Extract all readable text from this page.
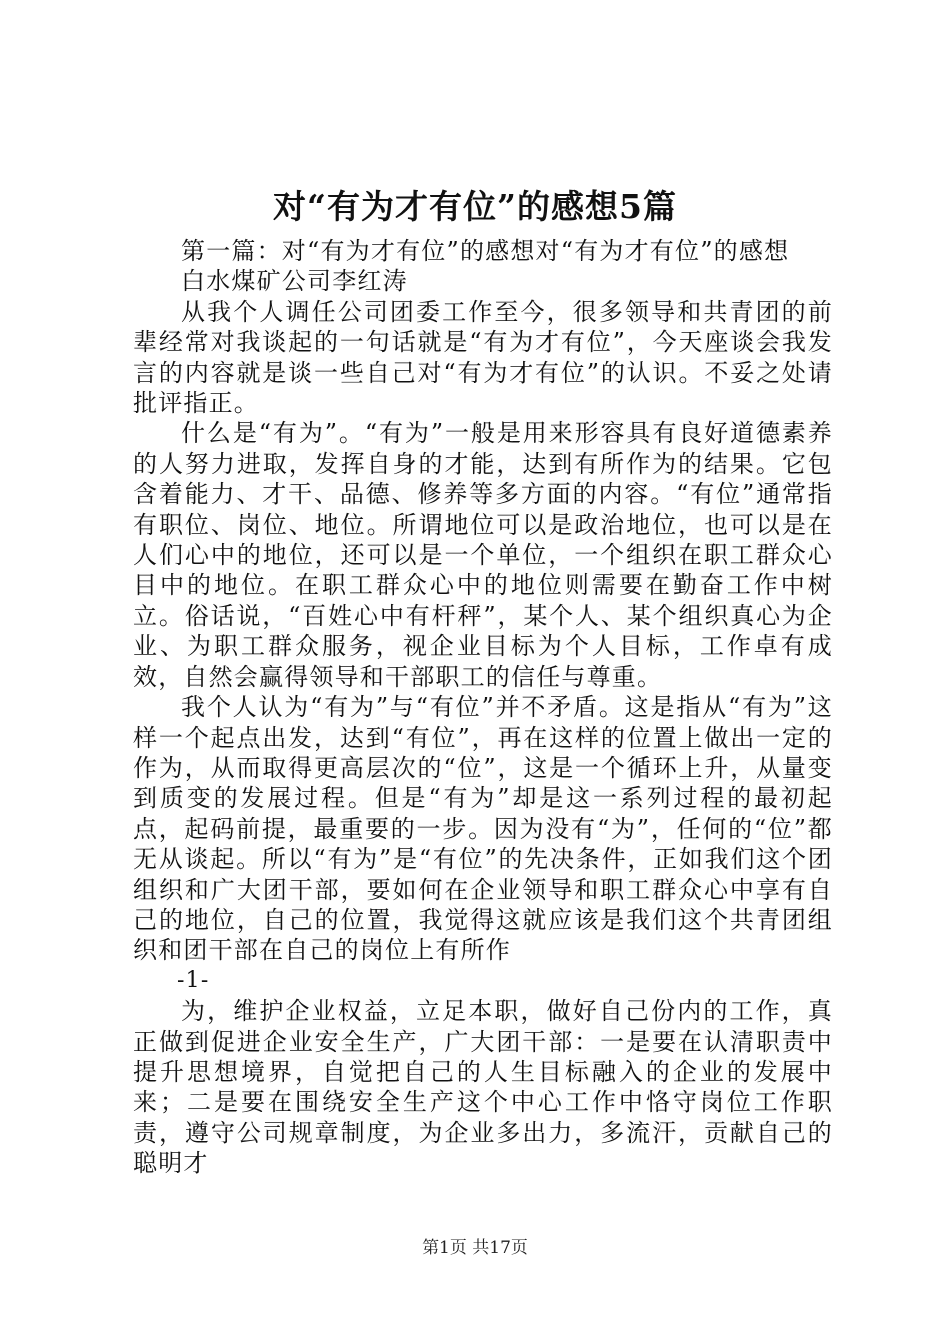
对“有为才有位”的感想5篇

第一篇：对“有为才有位”的感想对“有为才有位”的感想

白水煤矿公司李红涛

从我个人调任公司团委工作至今，很多领导和共青团的前辈经常对我谈起的一句话就是“有为才有位”，今天座谈会我发言的内容就是谈一些自己对“有为才有位”的认识。不妥之处请批评指正。

什么是“有为”。“有为”一般是用来形容具有良好道德素养的人努力进取，发挥自身的才能，达到有所作为的结果。它包含着能力、才干、品德、修养等多方面的内容。“有位”通常指有职位、岗位、地位。所谓地位可以是政治地位，也可以是在人们心中的地位，还可以是一个单位，一个组织在职工群众心目中的地位。在职工群众心中的地位则需要在勤奋工作中树立。俗话说，“百姓心中有杆秤”，某个人、某个组织真心为企业、为职工群众服务，视企业目标为个人目标，工作卓有成效，自然会赢得领导和干部职工的信任与尊重。

我个人认为“有为”与“有位”并不矛盾。这是指从“有为”这样一个起点出发，达到“有位”，再在这样的位置上做出一定的作为，从而取得更高层次的“位”，这是一个循环上升，从量变到质变的发展过程。但是“有为”却是这一系列过程的最初起点，起码前提，最重要的一步。因为没有“为”，任何的“位”都无从谈起。所以“有为”是“有位”的先决条件，正如我们这个团组织和广大团干部，要如何在企业领导和职工群众心中享有自己的地位，自己的位置，我觉得这就应该是我们这个共青团组织和团干部在自己的岗位上有所作

-1-

为，维护企业权益，立足本职，做好自己份内的工作，真正做到促进企业安全生产，广大团干部：一是要在认清职责中提升思想境界，自觉把自己的人生目标融入的企业的发展中来；二是要在围绕安全生产这个中心工作中恪守岗位工作职责，遵守公司规章制度，为企业多出力，多流汗，贡献自己的聪明才

第1页 共17页
